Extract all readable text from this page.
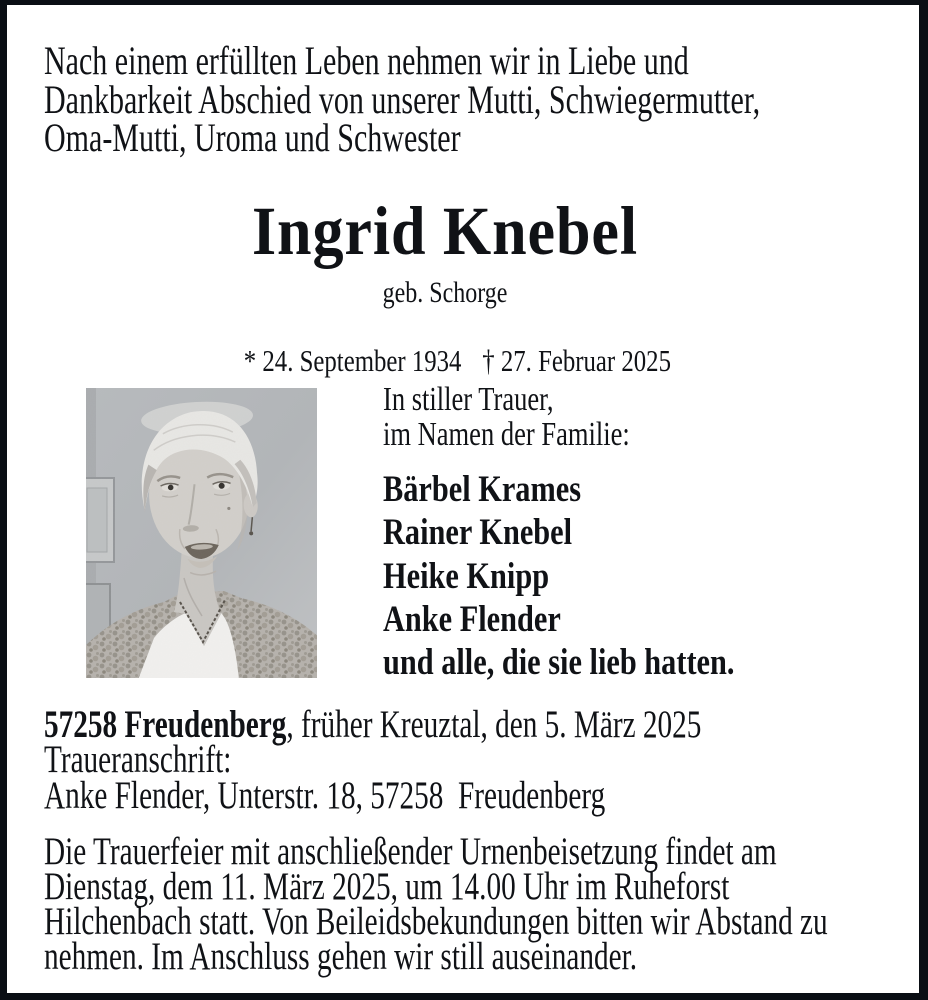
Nach einem erfüllten Leben nehmen wir in Liebe und
Dankbarkeit Abschied von unserer Mutti, Schwiegermutter,
Oma-Mutti, Uroma und Schwester
Ingrid Knebel
geb. Schorge

* 24. September 1934 † 27. Februar 2025

In stiller Trauer,
im Namen der Familie:
Bärbel Krames
Rainer Knebel
Heike Knipp
Anke Flender
und alle, die sie lieb hatten.
57258 Freudenberg, früher Kreuztal, den 5. März 2025
Traueranschrift:
Anke Flender, Unterstr. 18, 57258  Freudenberg
Die Trauerfeier mit anschließender Urnenbeisetzung findet am
Dienstag, dem 11. März 2025, um 14.00 Uhr im Ruheforst
Hilchenbach statt. Von Beileidsbekundungen bitten wir Abstand zu
nehmen. Im Anschluss gehen wir still auseinander.
